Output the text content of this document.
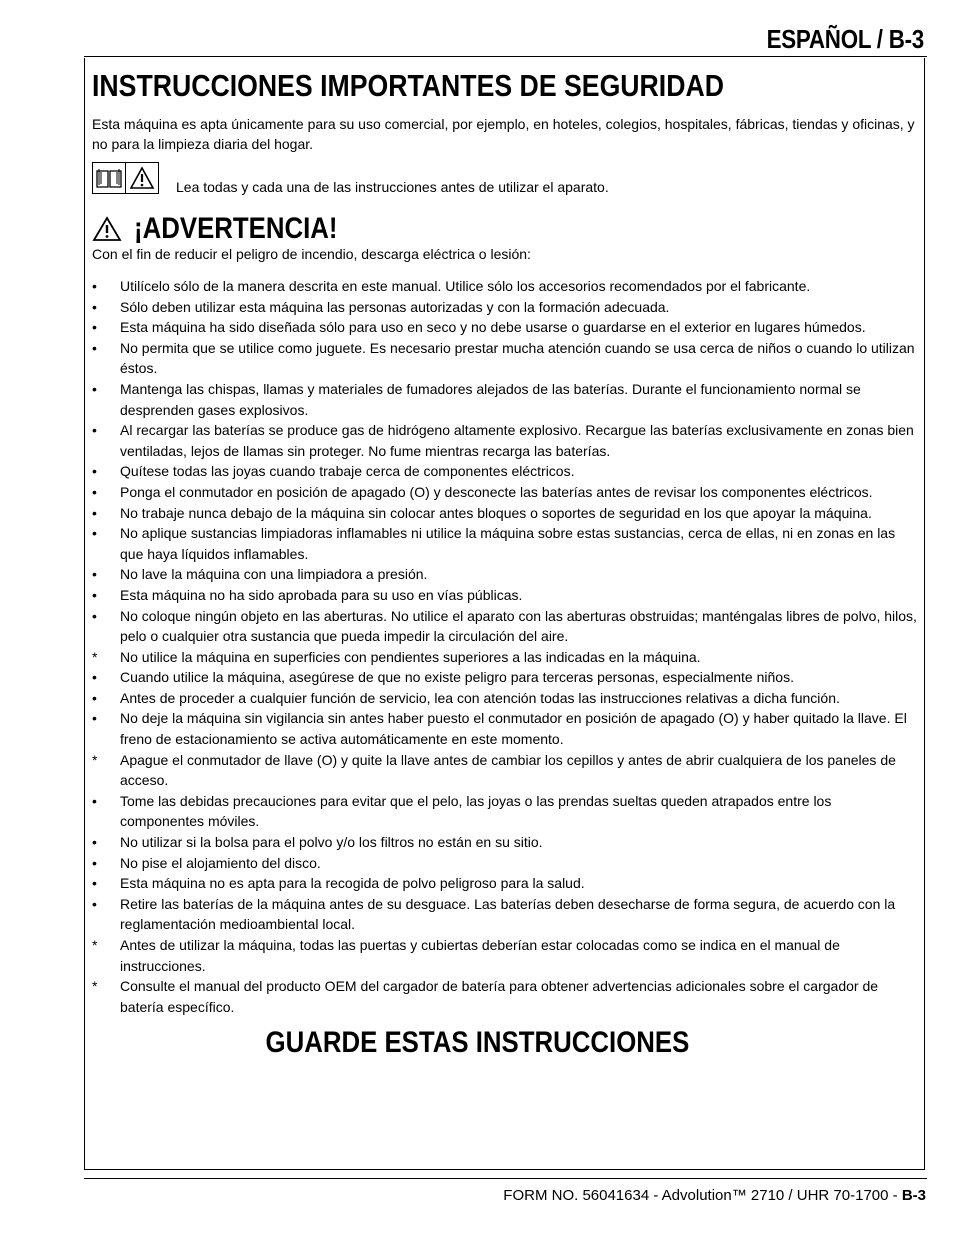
ESPAÑOL / B-3
INSTRUCCIONES IMPORTANTES DE SEGURIDAD
Esta máquina es apta únicamente para su uso comercial, por ejemplo, en hoteles, colegios, hospitales, fábricas, tiendas y oficinas, y no para la limpieza diaria del hogar.
Lea todas y cada una de las instrucciones antes de utilizar el aparato.
¡ADVERTENCIA!
Con el fin de reducir el peligro de incendio, descarga eléctrica o lesión:
•	Utilícelo sólo de la manera descrita en este manual. Utilice sólo los accesorios recomendados por el fabricante.
•	Sólo deben utilizar esta máquina las personas autorizadas y con la formación adecuada.
•	Esta máquina ha sido diseñada sólo para uso en seco y no debe usarse o guardarse en el exterior en lugares húmedos.
•	No permita que se utilice como juguete. Es necesario prestar mucha atención cuando se usa cerca de niños o cuando lo utilizan éstos.
•	Mantenga las chispas, llamas y materiales de fumadores alejados de las baterías. Durante el funcionamiento normal se desprenden gases explosivos.
•	Al recargar las baterías se produce gas de hidrógeno altamente explosivo. Recargue las baterías exclusivamente en zonas bien ventiladas, lejos de llamas sin proteger. No fume mientras recarga las baterías.
•	Quítese todas las joyas cuando trabaje cerca de componentes eléctricos.
•	Ponga el conmutador en posición de apagado (O) y desconecte las baterías antes de revisar los componentes eléctricos.
•	No trabaje nunca debajo de la máquina sin colocar antes bloques o soportes de seguridad en los que apoyar la máquina.
•	No aplique sustancias limpiadoras inflamables ni utilice la máquina sobre estas sustancias, cerca de ellas, ni en zonas en las que haya líquidos inflamables.
•	No lave la máquina con una limpiadora a presión.
•	Esta máquina no ha sido aprobada para su uso en vías públicas.
•	No coloque ningún objeto en las aberturas. No utilice el aparato con las aberturas obstruidas; manténgalas libres de polvo, hilos, pelo o cualquier otra sustancia que pueda impedir la circulación del aire.
*	No utilice la máquina en superficies con pendientes superiores a las indicadas en la máquina.
•	Cuando utilice la máquina, asegúrese de que no existe peligro para terceras personas, especialmente niños.
•	Antes de proceder a cualquier función de servicio, lea con atención todas las instrucciones relativas a dicha función.
•	No deje la máquina sin vigilancia sin antes haber puesto el conmutador en posición de apagado (O) y haber quitado la llave. El freno de estacionamiento se activa automáticamente en este momento.
*	Apague el conmutador de llave (O) y quite la llave antes de cambiar los cepillos y antes de abrir cualquiera de los paneles de acceso.
•	Tome las debidas precauciones para evitar que el pelo, las joyas o las prendas sueltas queden atrapados entre los componentes móviles.
•	No utilizar si la bolsa para el polvo y/o los filtros no están en su sitio.
•	No pise el alojamiento del disco.
•	Esta máquina no es apta para la recogida de polvo peligroso para la salud.
•	Retire las baterías de la máquina antes de su desguace. Las baterías deben desecharse de forma segura, de acuerdo con la reglamentación medioambiental local.
*	Antes de utilizar la máquina, todas las puertas y cubiertas deberían estar colocadas como se indica en el manual de instrucciones.
*	Consulte el manual del producto OEM del cargador de batería para obtener advertencias adicionales sobre el cargador de batería específico.
GUARDE ESTAS INSTRUCCIONES
FORM NO. 56041634 - Advolution™ 2710 / UHR 70-1700 - B-3
